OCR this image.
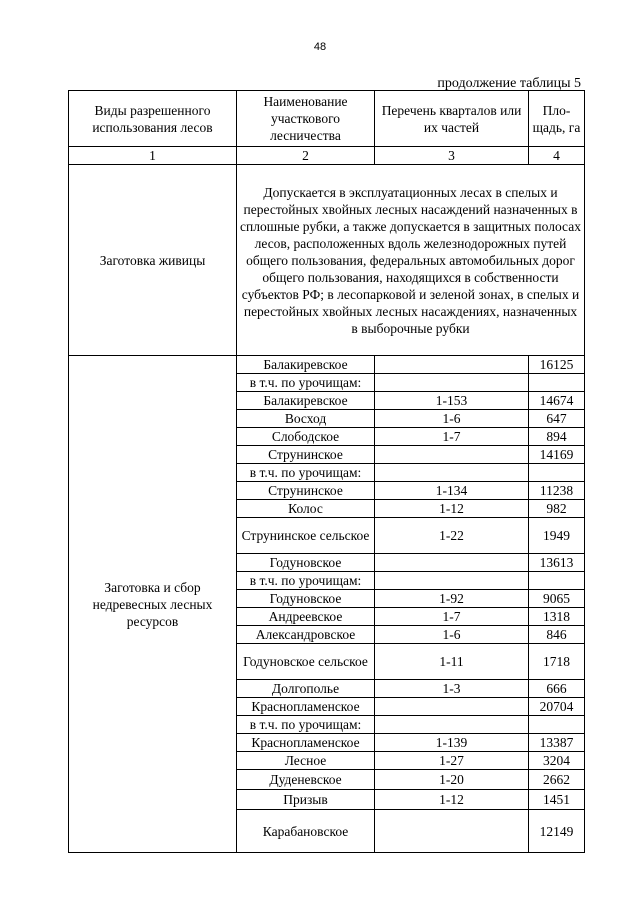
48
продолжение таблицы 5
Виды разрешенного использования лесов	Наименование участкового лесничества	Перечень кварталов или их частей	Пло-щадь, га
1	2	3	4
Заготовка живицы	Допускается в эксплуатационных лесах в спелых и перестойных хвойных лесных насаждений назначенных в сплошные рубки, а также допускается в защитных полосах лесов, расположенных вдоль железнодорожных путей общего пользования, федеральных автомобильных дорог общего пользования, находящихся в собственности субъектов РФ; в лесопарковой и зеленой зонах, в спелых и перестойных хвойных лесных насаждениях, назначенных в выборочные рубки		
Заготовка и сбор недревесных лесных ресурсов	Балакиревское		16125
	в т.ч. по урочищам:		
	Балакиревское	1-153	14674
	Восход	1-6	647
	Слободское	1-7	894
	Струнинское		14169
	в т.ч. по урочищам:		
	Струнинское	1-134	11238
	Колос	1-12	982
	Струнинское сельское	1-22	1949
	Годуновское		13613
	в т.ч. по урочищам:		
	Годуновское	1-92	9065
	Андреевское	1-7	1318
	Александровское	1-6	846
	Годуновское сельское	1-11	1718
	Долгополье	1-3	666
	Краснопламенское		20704
	в т.ч. по урочищам:		
	Краснопламенское	1-139	13387
	Лесное	1-27	3204
	Дуденевское	1-20	2662
	Призыв	1-12	1451
	Карабановское		12149
